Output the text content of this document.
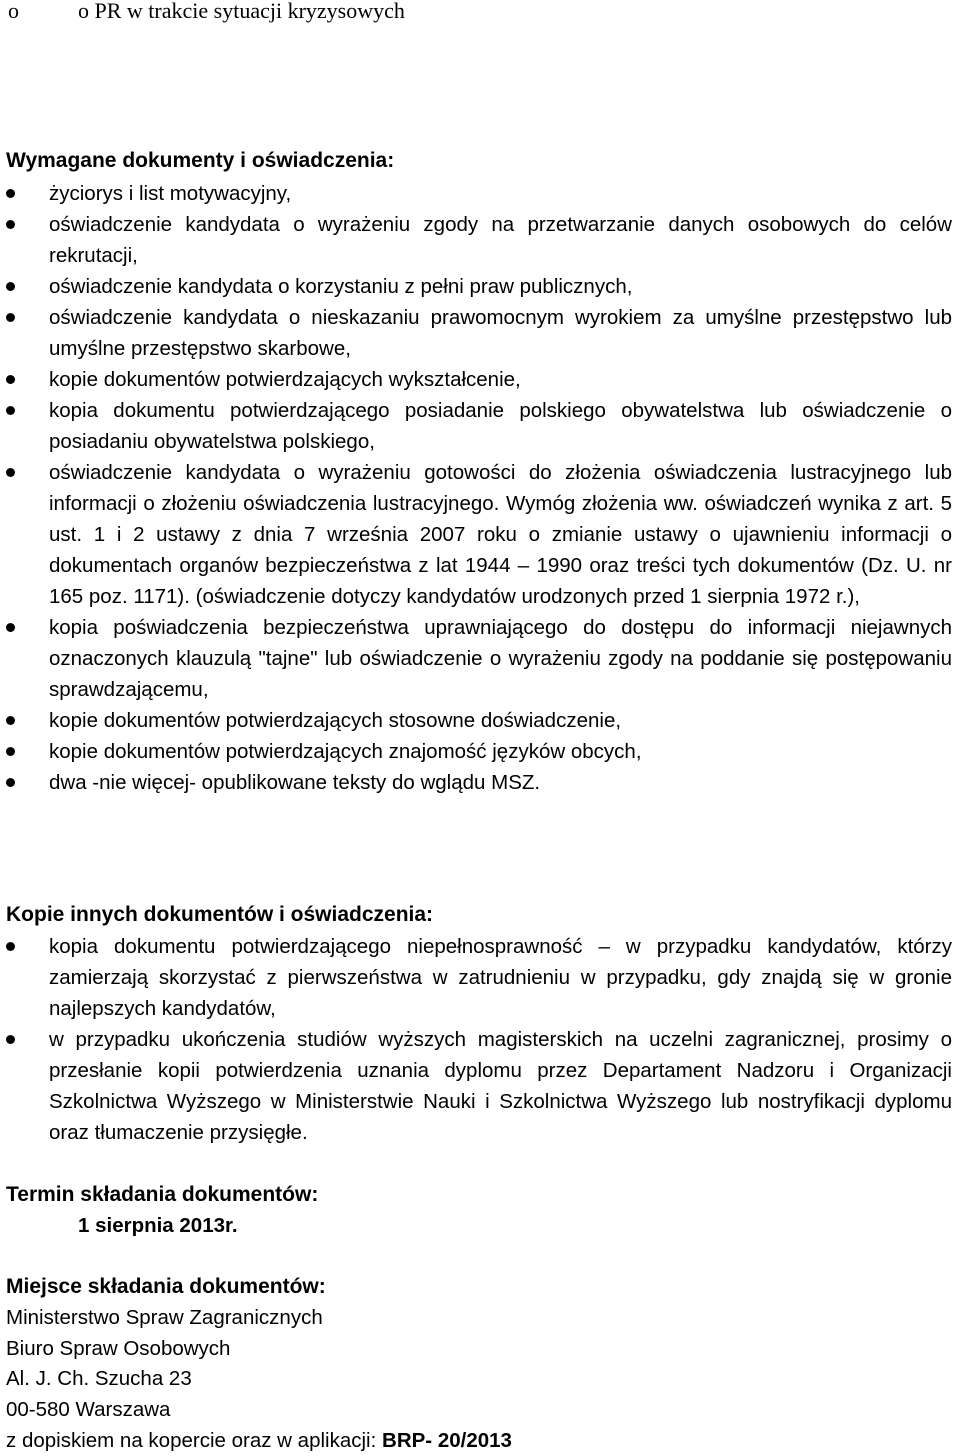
o	o PR w trakcie sytuacji kryzysowych
Wymagane dokumenty i oświadczenia:
życiorys i list motywacyjny,
oświadczenie kandydata o wyrażeniu zgody na przetwarzanie danych osobowych do celów rekrutacji,
oświadczenie kandydata o korzystaniu z pełni praw publicznych,
oświadczenie kandydata o nieskazaniu prawomocnym wyrokiem za umyślne przestępstwo lub umyślne przestępstwo skarbowe,
kopie dokumentów potwierdzających wykształcenie,
kopia dokumentu potwierdzającego posiadanie polskiego obywatelstwa lub oświadczenie o posiadaniu obywatelstwa polskiego,
oświadczenie kandydata o wyrażeniu gotowości do złożenia oświadczenia lustracyjnego lub informacji o złożeniu oświadczenia lustracyjnego. Wymóg złożenia ww. oświadczeń wynika z art. 5 ust. 1 i 2 ustawy z dnia 7 września 2007 roku o zmianie ustawy o ujawnieniu informacji o dokumentach organów bezpieczeństwa z lat 1944 – 1990 oraz treści tych dokumentów (Dz. U. nr 165 poz. 1171). (oświadczenie dotyczy kandydatów urodzonych przed 1 sierpnia 1972 r.),
kopia poświadczenia bezpieczeństwa uprawniającego do dostępu do informacji niejawnych oznaczonych klauzulą "tajne" lub oświadczenie o wyrażeniu zgody na poddanie się postępowaniu sprawdzającemu,
kopie dokumentów potwierdzających stosowne doświadczenie,
kopie dokumentów potwierdzających znajomość języków obcych,
dwa -nie więcej- opublikowane teksty do wglądu MSZ.
Kopie innych dokumentów i oświadczenia:
kopia dokumentu potwierdzającego niepełnosprawność – w przypadku kandydatów, którzy zamierzają skorzystać z pierwszeństwa w zatrudnieniu w przypadku, gdy znajdą się w gronie najlepszych kandydatów,
w przypadku ukończenia studiów wyższych magisterskich na uczelni zagranicznej, prosimy o przesłanie kopii potwierdzenia uznania dyplomu przez Departament Nadzoru i Organizacji Szkolnictwa Wyższego w Ministerstwie Nauki i Szkolnictwa Wyższego lub nostryfikacji dyplomu oraz tłumaczenie przysięgłe.
Termin składania dokumentów:
1 sierpnia 2013r.
Miejsce składania dokumentów:
Ministerstwo Spraw Zagranicznych
Biuro Spraw Osobowych
Al. J. Ch. Szucha 23
00-580 Warszawa
z dopiskiem na kopercie oraz w aplikacji: BRP- 20/2013
